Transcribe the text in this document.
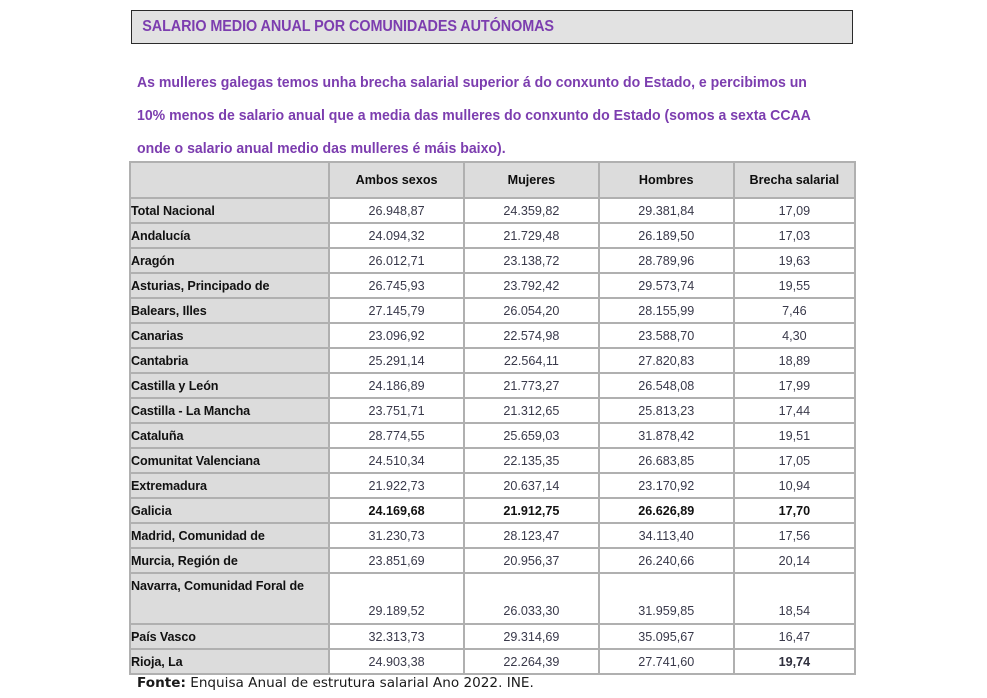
SALARIO MEDIO ANUAL POR COMUNIDADES AUTÓNOMAS

As mulleres galegas temos unha brecha salarial superior á do conxunto do Estado, e percibimos un 10% menos de salario anual que a media das mulleres do conxunto do Estado (somos a sexta CCAA onde o salario anual medio das mulleres é máis baixo).

	Ambos sexos	Mujeres	Hombres	Brecha salarial
Total Nacional	26.948,87	24.359,82	29.381,84	17,09
Andalucía	24.094,32	21.729,48	26.189,50	17,03
Aragón	26.012,71	23.138,72	28.789,96	19,63
Asturias, Principado de	26.745,93	23.792,42	29.573,74	19,55
Balears, Illes	27.145,79	26.054,20	28.155,99	7,46
Canarias	23.096,92	22.574,98	23.588,70	4,30
Cantabria	25.291,14	22.564,11	27.820,83	18,89
Castilla y León	24.186,89	21.773,27	26.548,08	17,99
Castilla - La Mancha	23.751,71	21.312,65	25.813,23	17,44
Cataluña	28.774,55	25.659,03	31.878,42	19,51
Comunitat Valenciana	24.510,34	22.135,35	26.683,85	17,05
Extremadura	21.922,73	20.637,14	23.170,92	10,94
Galicia	24.169,68	21.912,75	26.626,89	17,70
Madrid, Comunidad de	31.230,73	28.123,47	34.113,40	17,56
Murcia, Región de	23.851,69	20.956,37	26.240,66	20,14
Navarra, Comunidad Foral de	29.189,52	26.033,30	31.959,85	18,54
País Vasco	32.313,73	29.314,69	35.095,67	16,47
Rioja, La	24.903,38	22.264,39	27.741,60	19,74
Fonte: Enquisa Anual de estrutura salarial Ano 2022. INE.
